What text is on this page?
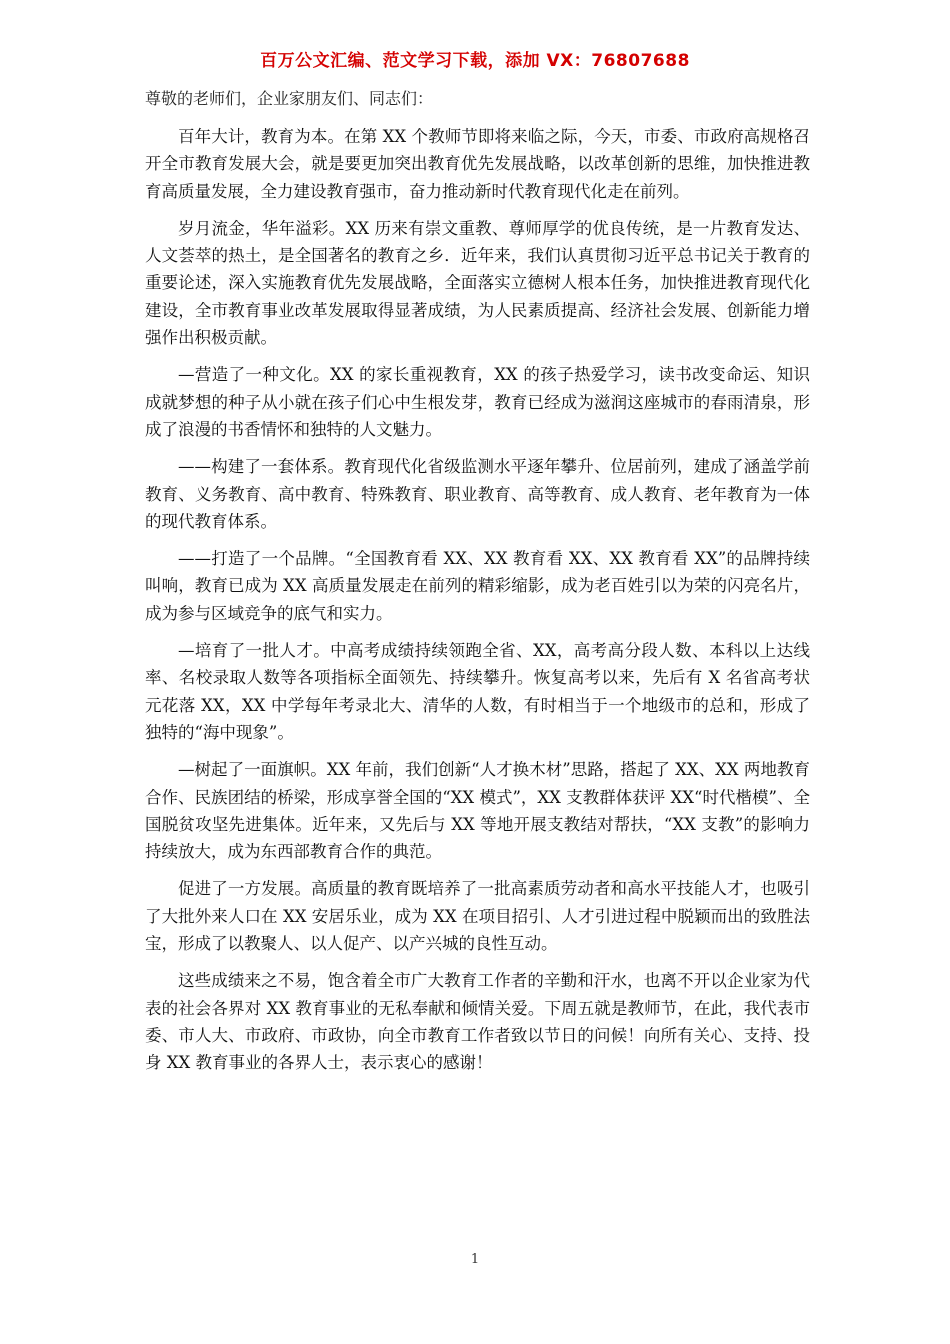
百万公文汇编、范文学习下载，添加 VX：76807688

尊敬的老师们，企业家朋友们、同志们：

百年大计，教育为本。在第 XX 个教师节即将来临之际，今天，市委、市政府高规格召开全市教育发展大会，就是要更加突出教育优先发展战略，以改革创新的思维，加快推进教育高质量发展，全力建设教育强市，奋力推动新时代教育现代化走在前列。

岁月流金，华年溢彩。XX 历来有崇文重教、尊师厚学的优良传统，是一片教育发达、人文荟萃的热土，是全国著名的教育之乡．近年来，我们认真贯彻习近平总书记关于教育的重要论述，深入实施教育优先发展战略，全面落实立德树人根本任务，加快推进教育现代化建设，全市教育事业改革发展取得显著成绩，为人民素质提高、经济社会发展、创新能力增强作出积极贡献。

—营造了一种文化。XX 的家长重视教育，XX 的孩子热爱学习，读书改变命运、知识成就梦想的种子从小就在孩子们心中生根发芽，教育已经成为滋润这座城市的春雨清泉，形成了浪漫的书香情怀和独特的人文魅力。

——构建了一套体系。教育现代化省级监测水平逐年攀升、位居前列，建成了涵盖学前教育、义务教育、高中教育、特殊教育、职业教育、高等教育、成人教育、老年教育为一体的现代教育体系。

——打造了一个品牌。“全国教育看 XX、XX 教育看 XX、XX 教育看 XX”的品牌持续叫响，教育已成为 XX 高质量发展走在前列的精彩缩影，成为老百姓引以为荣的闪亮名片，成为参与区域竞争的底气和实力。

—培育了一批人才。中高考成绩持续领跑全省、XX，高考高分段人数、本科以上达线率、名校录取人数等各项指标全面领先、持续攀升。恢复高考以来，先后有 X 名省高考状元花落 XX，XX 中学每年考录北大、清华的人数，有时相当于一个地级市的总和，形成了独特的“海中现象”。

—树起了一面旗帜。XX 年前，我们创新“人才换木材”思路，搭起了 XX、XX 两地教育合作、民族团结的桥梁，形成享誉全国的“XX 模式”，XX 支教群体获评 XX“时代楷模”、全国脱贫攻坚先进集体。近年来，又先后与 XX 等地开展支教结对帮扶，“XX 支教”的影响力持续放大，成为东西部教育合作的典范。

促进了一方发展。高质量的教育既培养了一批高素质劳动者和高水平技能人才，也吸引了大批外来人口在 XX 安居乐业，成为 XX 在项目招引、人才引进过程中脱颖而出的致胜法宝，形成了以教聚人、以人促产、以产兴城的良性互动。

这些成绩来之不易，饱含着全市广大教育工作者的辛勤和汗水，也离不开以企业家为代表的社会各界对 XX 教育事业的无私奉献和倾情关爱。下周五就是教师节，在此，我代表市委、市人大、市政府、市政协，向全市教育工作者致以节日的问候！向所有关心、支持、投身 XX 教育事业的各界人士，表示衷心的感谢！

1
